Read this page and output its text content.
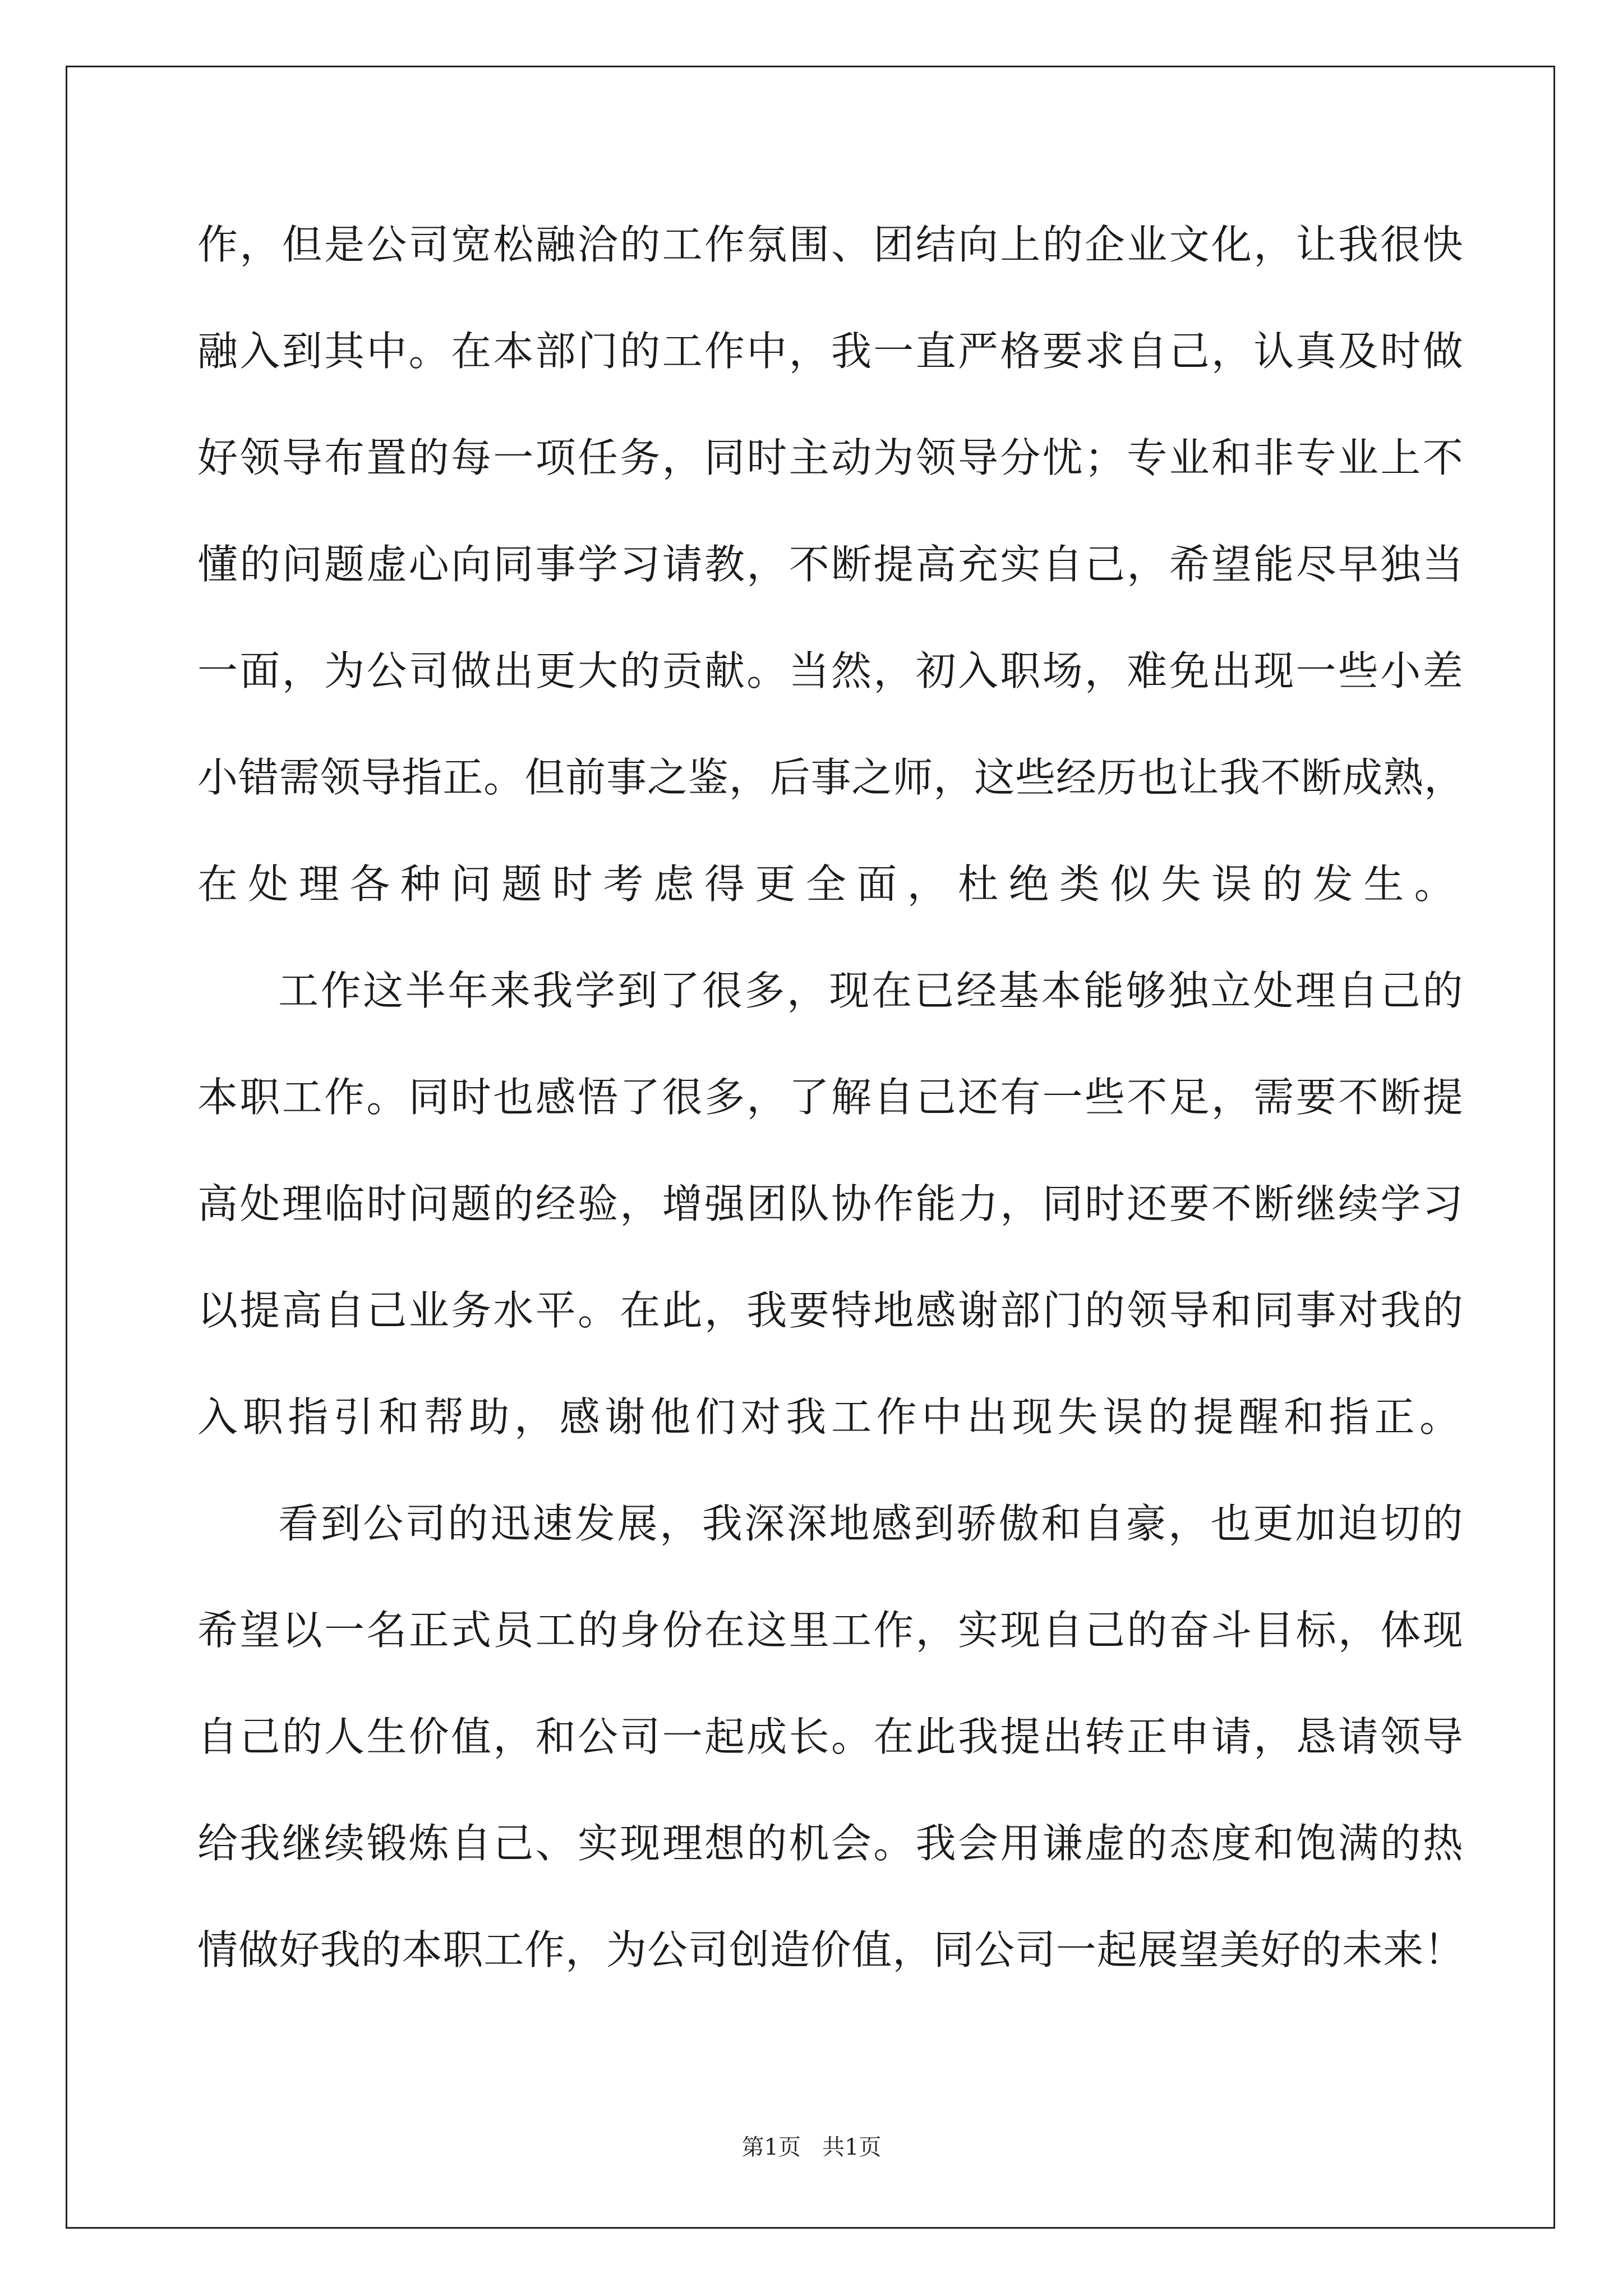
作，但是公司宽松融洽的工作氛围、团结向上的企业文化，让我很快
融入到其中。在本部门的工作中，我一直严格要求自己，认真及时做
好领导布置的每一项任务，同时主动为领导分忧；专业和非专业上不
懂的问题虚心向同事学习请教，不断提高充实自己，希望能尽早独当
一面，为公司做出更大的贡献。当然，初入职场，难免出现一些小差
小错需领导指正。但前事之鉴，后事之师，这些经历也让我不断成熟，
在处理各种问题时考虑得更全面，杜绝类似失误的发生。
工作这半年来我学到了很多，现在已经基本能够独立处理自己的
本职工作。同时也感悟了很多，了解自己还有一些不足，需要不断提
高处理临时问题的经验，增强团队协作能力，同时还要不断继续学习
以提高自己业务水平。在此，我要特地感谢部门的领导和同事对我的
入职指引和帮助，感谢他们对我工作中出现失误的提醒和指正。
看到公司的迅速发展，我深深地感到骄傲和自豪，也更加迫切的
希望以一名正式员工的身份在这里工作，实现自己的奋斗目标，体现
自己的人生价值，和公司一起成长。在此我提出转正申请，恳请领导
给我继续锻炼自己、实现理想的机会。我会用谦虚的态度和饱满的热
情做好我的本职工作，为公司创造价值，同公司一起展望美好的未来！
第1页   共1页
